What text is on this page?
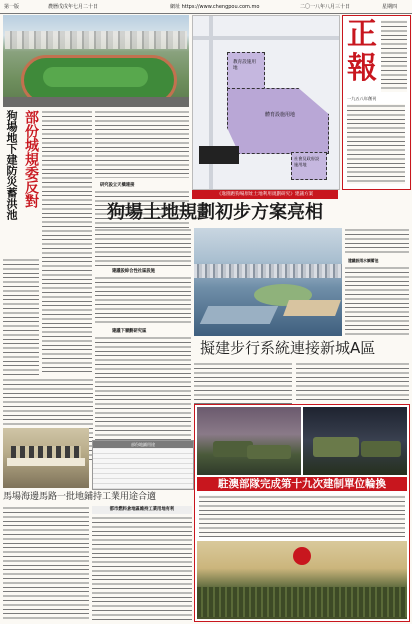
第一版	農曆戊戌年七月二十日	網址 https://www.chengpou.com.mo	二〇一八年八月三十日	星期四
部份城規委反對
狗場地下建防災蓄洪池	研究設立天橋連接
教育設施用地
體育設施用地
社會及政府設施用地
《逸園跑狗場原址土地利用規劃研究》建議方案
正
報
一九五八年創刊
狗場土地規劃初步方案亮相
建議設綜合性社區設施
建議下層劃研究區
建議設雨水調蓄池
擬建步行系統連接新城A區
駐澳部隊完成第十九次建制單位輪換
部份地鋪用途
馬場海邊馬路一批地鋪持工業用途合適
都巿燃料倉地區維持工業用地有利
